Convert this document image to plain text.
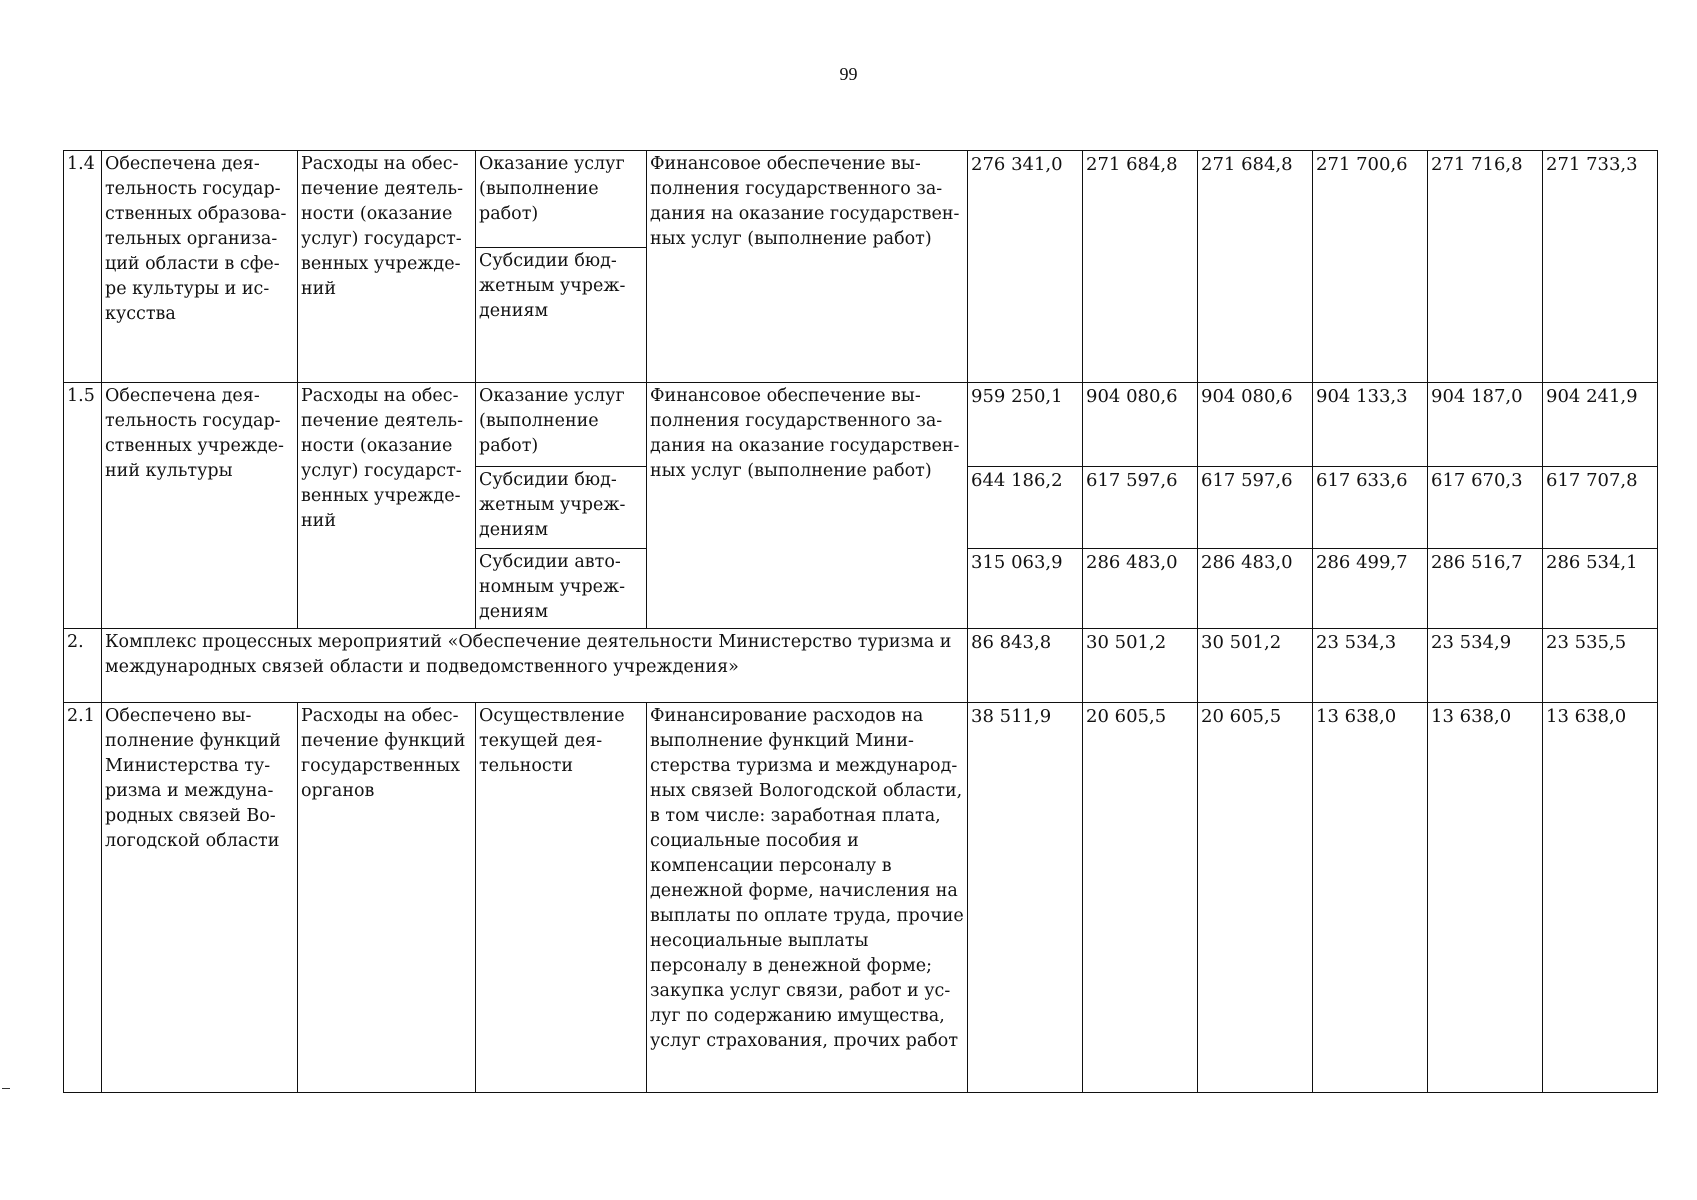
99
1.4	Обеспечена деятельность государственных образовательных организаций области в сфере культуры и искусства	Расходы на обеспечение деятельности (оказание услуг) государственных учреждений	Оказание услуг (выполнение работ)	Финансовое обеспечение выполнения государственного задания на оказание государственных услуг (выполнение работ)	276 341,0	271 684,8	271 684,8	271 700,6	271 716,8	271 733,3
			Субсидии бюджетным учреждениям							
1.5	Обеспечена деятельность государственных учреждений культуры	Расходы на обеспечение деятельности (оказание услуг) государственных учреждений	Оказание услуг (выполнение работ)	Финансовое обеспечение выполнения государственного задания на оказание государственных услуг (выполнение работ)	959 250,1	904 080,6	904 080,6	904 133,3	904 187,0	904 241,9
			Субсидии бюджетным учреждениям		644 186,2	617 597,6	617 597,6	617 633,6	617 670,3	617 707,8
			Субсидии автономным учреждениям		315 063,9	286 483,0	286 483,0	286 499,7	286 516,7	286 534,1
2.	Комплекс процессных мероприятий «Обеспечение деятельности Министерство туризма и международных связей области и подведомственного учреждения»				86 843,8	30 501,2	30 501,2	23 534,3	23 534,9	23 535,5
2.1	Обеспечено выполнение функций Министерства туризма и международных связей Вологодской области	Расходы на обеспечение функций государственных органов	Осуществление текущей деятельности	Финансирование расходов на выполнение функций Министерства туризма и международных связей Вологодской области, в том числе: заработная плата, социальные пособия и компенсации персоналу в денежной форме, начисления на выплаты по оплате труда, прочие несоциальные выплаты персоналу в денежной форме; закупка услуг связи, работ и услуг по содержанию имущества, услуг страхования, прочих работ	38 511,9	20 605,5	20 605,5	13 638,0	13 638,0	13 638,0
